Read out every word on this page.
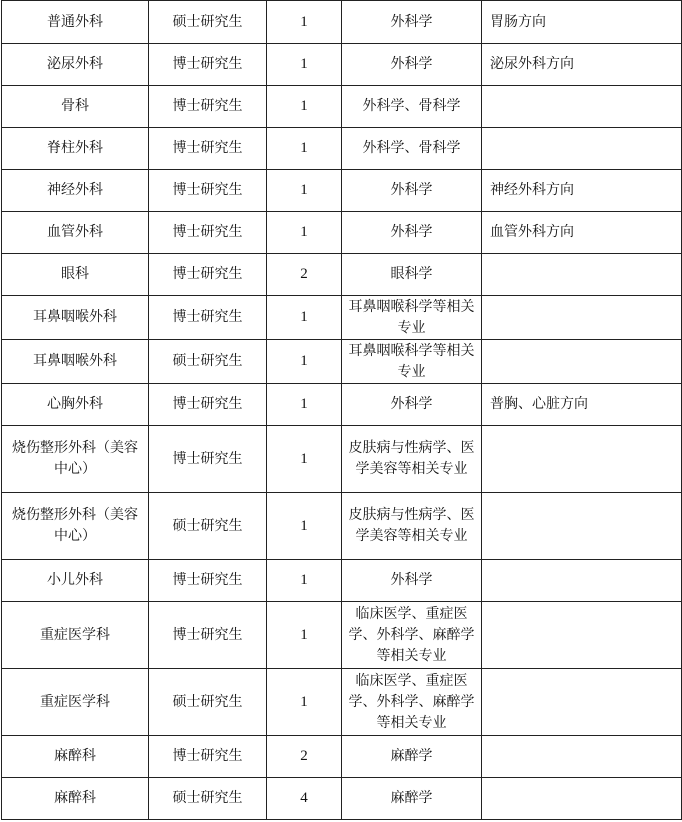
普通外科	硕士研究生	1	外科学	胃肠方向
泌尿外科	博士研究生	1	外科学	泌尿外科方向
骨科	博士研究生	1	外科学、骨科学	
脊柱外科	博士研究生	1	外科学、骨科学	
神经外科	博士研究生	1	外科学	神经外科方向
血管外科	博士研究生	1	外科学	血管外科方向
眼科	博士研究生	2	眼科学	
耳鼻咽喉外科	博士研究生	1	耳鼻咽喉科学等相关专业	
耳鼻咽喉外科	硕士研究生	1	耳鼻咽喉科学等相关专业	
心胸外科	博士研究生	1	外科学	普胸、心脏方向
烧伤整形外科（美容中心）	博士研究生	1	皮肤病与性病学、医学美容等相关专业	
烧伤整形外科（美容中心）	硕士研究生	1	皮肤病与性病学、医学美容等相关专业	
小儿外科	博士研究生	1	外科学	
重症医学科	博士研究生	1	临床医学、重症医学、外科学、麻醉学等相关专业	
重症医学科	硕士研究生	1	临床医学、重症医学、外科学、麻醉学等相关专业	
麻醉科	博士研究生	2	麻醉学	
麻醉科	硕士研究生	4	麻醉学	
